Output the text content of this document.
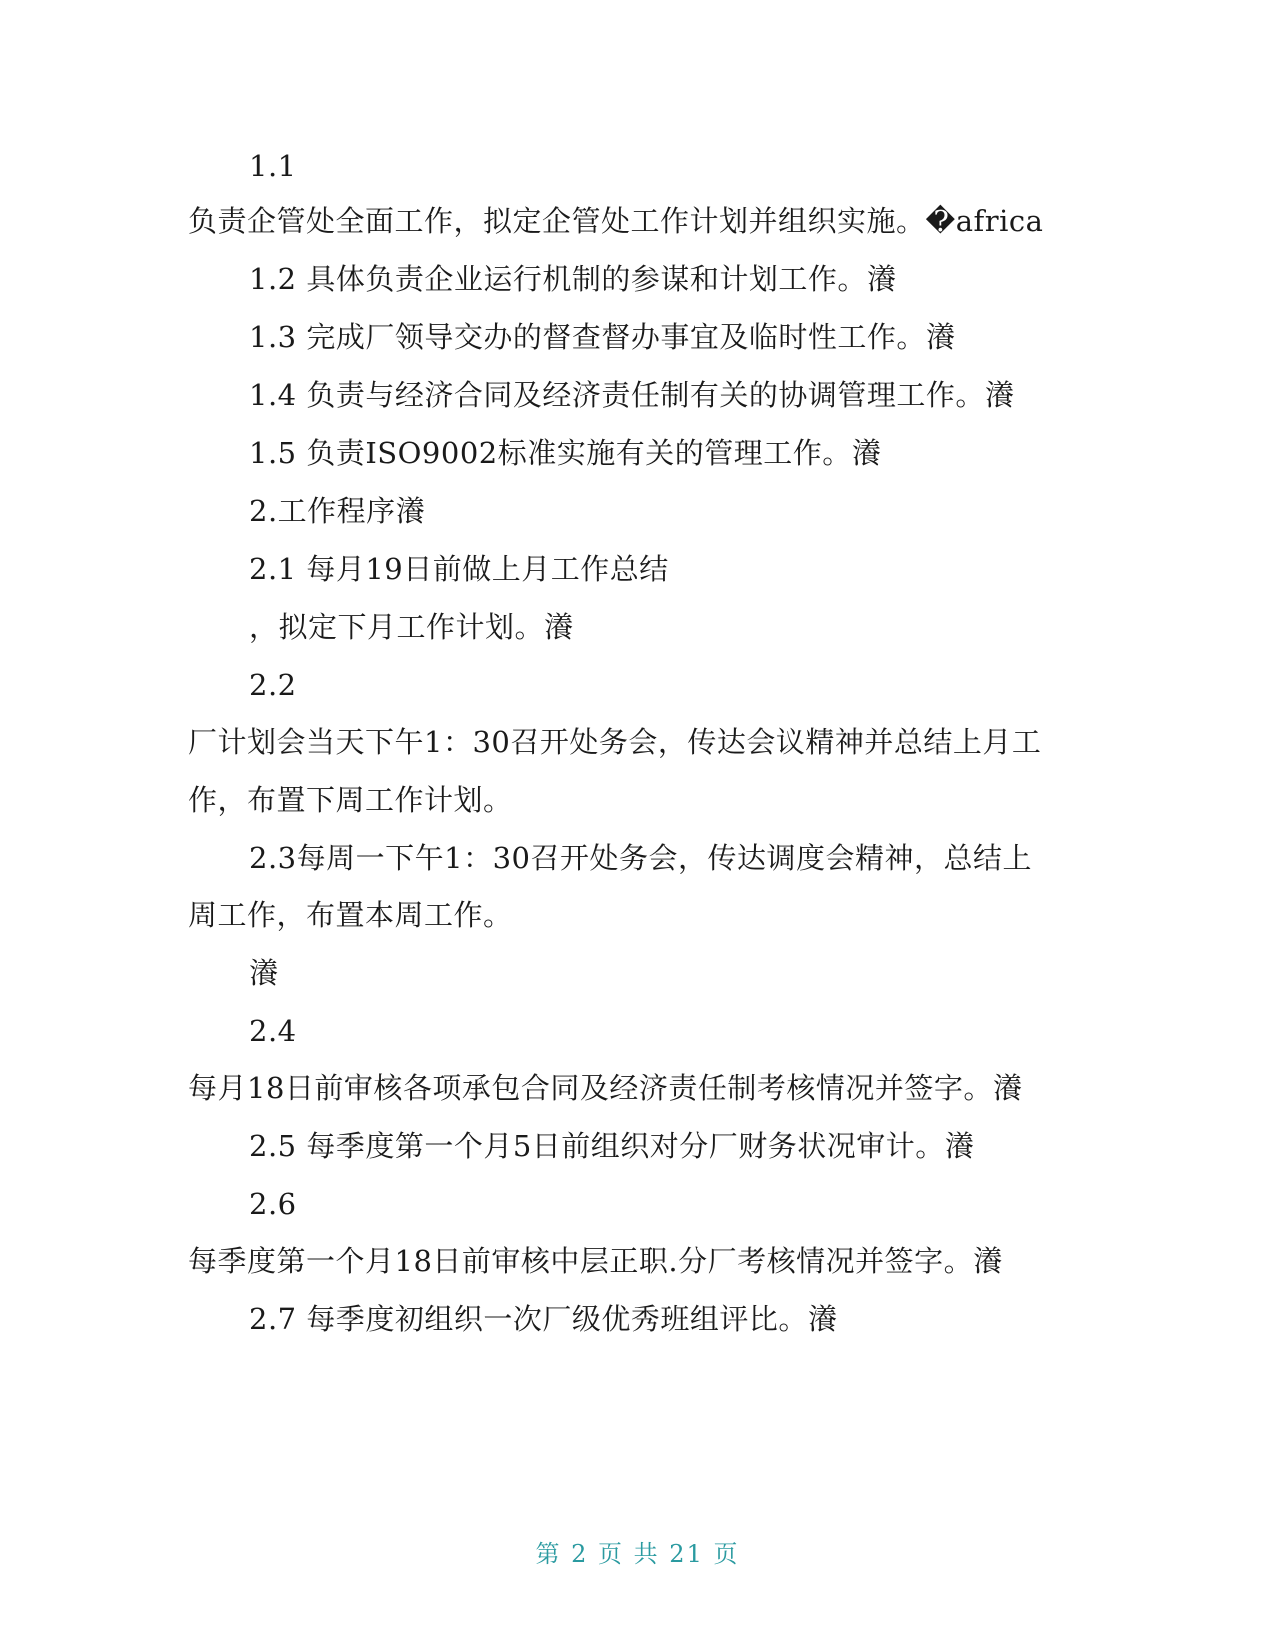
1.1
负责企管处全面工作，拟定企管处工作计划并组织实施。�africa
1.2 具体负责企业运行机制的参谋和计划工作。瀁
1.3 完成厂领导交办的督查督办事宜及临时性工作。瀁
1.4 负责与经济合同及经济责任制有关的协调管理工作。瀁
1.5 负责ISO9002标准实施有关的管理工作。瀁
2.工作程序瀁
2.1 每月19日前做上月工作总结
，拟定下月工作计划。瀁
2.2
厂计划会当天下午1：30召开处务会，传达会议精神并总结上月工
作，布置下周工作计划。
2.3每周一下午1：30召开处务会，传达调度会精神，总结上
周工作，布置本周工作。
瀁
2.4
每月18日前审核各项承包合同及经济责任制考核情况并签字。瀁
2.5 每季度第一个月5日前组织对分厂财务状况审计。瀁
2.6
每季度第一个月18日前审核中层正职.分厂考核情况并签字。瀁
2.7 每季度初组织一次厂级优秀班组评比。瀁
第 2 页 共 21 页
